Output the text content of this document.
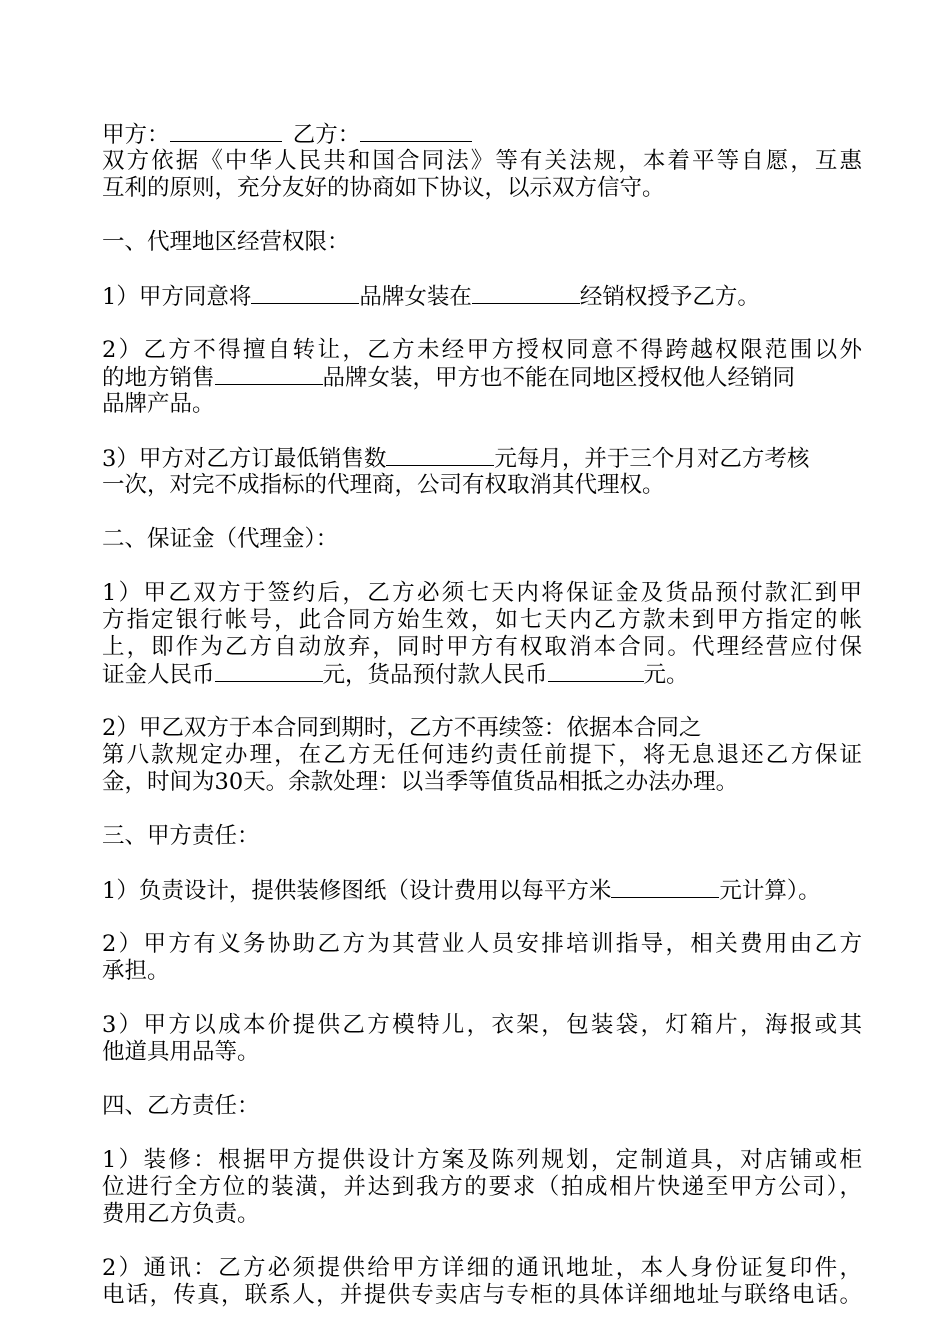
甲方： 	乙方：
双方依据《中华人民共和国合同法》等有关法规，本着平等自愿，互惠
互利的原则，充分友好的协商如下协议，以示双方信守。
一、代理地区经营权限：
1）甲方同意将	品牌女装在	经销权授予乙方。
2）乙方不得擅自转让，乙方未经甲方授权同意不得跨越权限范围以外
的地方销售	品牌女装，甲方也不能在同地区授权他人经销同
品牌产品。
3）甲方对乙方订最低销售数	元每月，并于三个月对乙方考核
一次，对完不成指标的代理商，公司有权取消其代理权。
二、保证金（代理金）：
1）甲乙双方于签约后，乙方必须七天内将保证金及货品预付款汇到甲
方指定银行帐号，此合同方始生效，如七天内乙方款未到甲方指定的帐
上，即作为乙方自动放弃，同时甲方有权取消本合同。代理经营应付保
证金人民币	元，货品预付款人民币	元。
2）甲乙双方于本合同到期时，乙方不再续签：依据本合同之
第八款规定办理，在乙方无任何违约责任前提下，将无息退还乙方保证
金，时间为30天。余款处理：以当季等值货品相抵之办法办理。
三、甲方责任：
1）负责设计，提供装修图纸（设计费用以每平方米	元计算）。
2）甲方有义务协助乙方为其营业人员安排培训指导，相关费用由乙方
承担。
3）甲方以成本价提供乙方模特儿，衣架，包装袋，灯箱片，海报或其
他道具用品等。
四、乙方责任：
1）装修：根据甲方提供设计方案及陈列规划，定制道具，对店铺或柜
位进行全方位的装潢，并达到我方的要求（拍成相片快递至甲方公司），
费用乙方负责。
2）通讯：乙方必须提供给甲方详细的通讯地址，本人身份证复印件，
电话，传真，联系人，并提供专卖店与专柜的具体详细地址与联络电话。
